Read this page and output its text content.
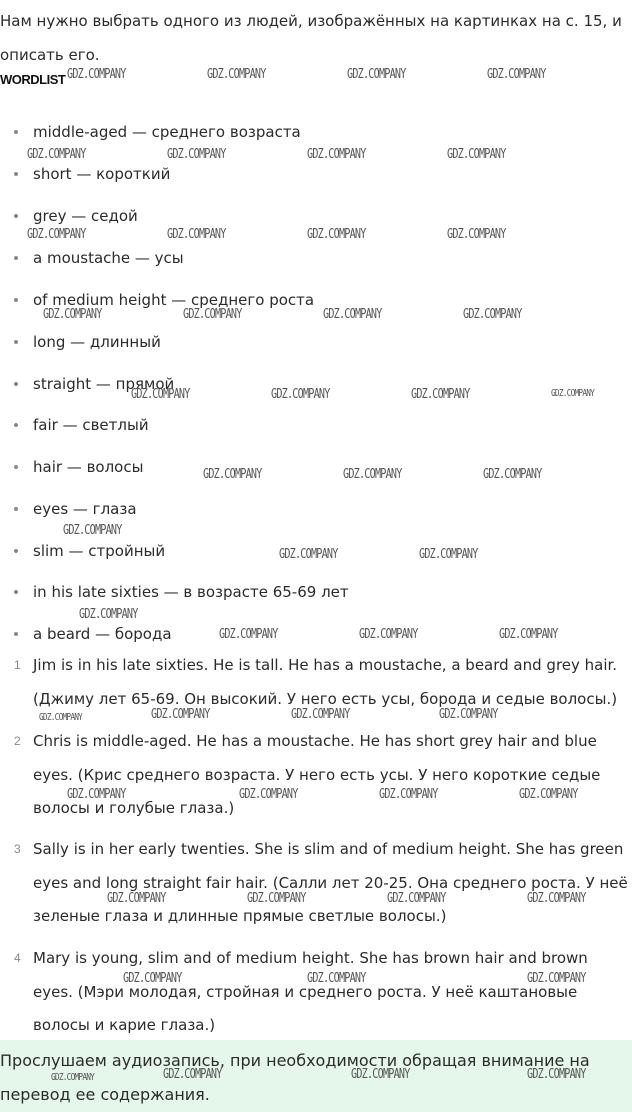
Нам нужно выбрать одного из людей, изображённых на картинках на с. 15, и описать его.
WORDLIST
middle-aged — среднего возраста
short — короткий
grey — седой
a moustache — усы
of medium height — среднего роста
long — длинный
straight — прямой
fair — светлый
hair — волосы
eyes — глаза
slim — стройный
in his late sixties — в возрасте 65-69 лет
a beard — борода
1 Jim is in his late sixties. He is tall. He has a moustache, a beard and grey hair. (Джиму лет 65-69. Он высокий. У него есть усы, борода и седые волосы.)
2 Chris is middle-aged. He has a moustache. He has short grey hair and blue eyes. (Крис среднего возраста. У него есть усы. У него короткие седые волосы и голубые глаза.)
3 Sally is in her early twenties. She is slim and of medium height. She has green eyes and long straight fair hair. (Салли лет 20-25. Она среднего роста. У неё зеленые глаза и длинные прямые светлые волосы.)
4 Mary is young, slim and of medium height. She has brown hair and brown eyes. (Мэри молодая, стройная и среднего роста. У неё каштановые волосы и карие глаза.)
Прослушаем аудиозапись, при необходимости обращая внимание на перевод ее содержания.
GDZ.COMPANY	GDZ.COMPANY	GDZ.COMPANY	GDZ.COMPANY
GDZ.COMPANY	GDZ.COMPANY	GDZ.COMPANY	GDZ.COMPANY
GDZ.COMPANY	GDZ.COMPANY	GDZ.COMPANY	GDZ.COMPANY
GDZ.COMPANY	GDZ.COMPANY	GDZ.COMPANY	GDZ.COMPANY
GDZ.COMPANY	GDZ.COMPANY	GDZ.COMPANY	GDZ.COMPANY
GDZ.COMPANY	GDZ.COMPANY	GDZ.COMPANY
GDZ.COMPANY
GDZ.COMPANY	GDZ.COMPANY
GDZ.COMPANY
GDZ.COMPANY	GDZ.COMPANY	GDZ.COMPANY
GDZ.COMPANY	GDZ.COMPANY	GDZ.COMPANY	GDZ.COMPANY
GDZ.COMPANY	GDZ.COMPANY	GDZ.COMPANY	GDZ.COMPANY
GDZ.COMPANY	GDZ.COMPANY	GDZ.COMPANY	GDZ.COMPANY
GDZ.COMPANY	GDZ.COMPANY	GDZ.COMPANY
GDZ.COMPANY	GDZ.COMPANY	GDZ.COMPANY	GDZ.COMPANY
